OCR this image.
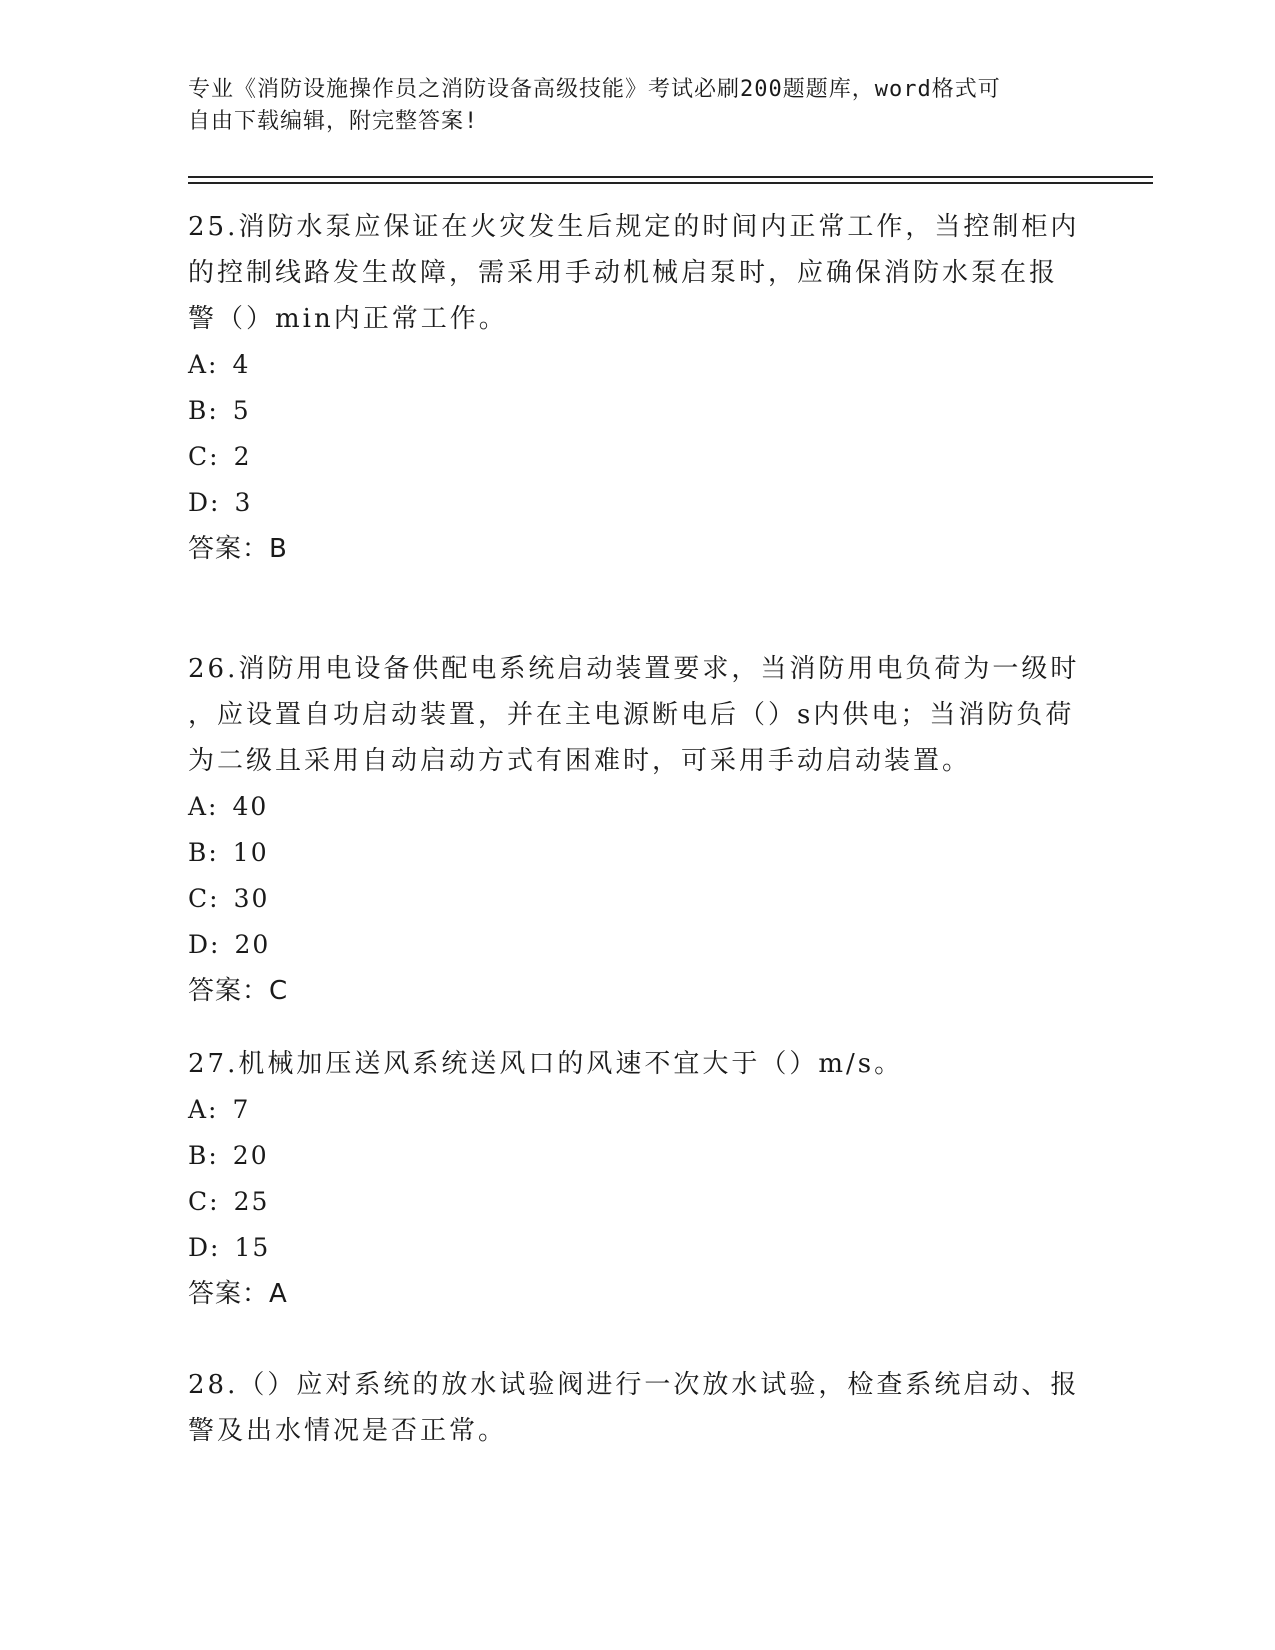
专业《消防设施操作员之消防设备高级技能》考试必刷200题题库，word格式可
自由下载编辑，附完整答案!
25.消防水泵应保证在火灾发生后规定的时间内正常工作，当控制柜内
的控制线路发生故障，需采用手动机械启泵时，应确保消防水泵在报
警（）min内正常工作。
A: 4
B: 5
C: 2
D: 3
答案：B
26.消防用电设备供配电系统启动装置要求，当消防用电负荷为一级时
，应设置自功启动装置，并在主电源断电后（）s内供电；当消防负荷
为二级且采用自动启动方式有困难时，可采用手动启动装置。
A: 40
B: 10
C: 30
D: 20
答案：C
27.机械加压送风系统送风口的风速不宜大于（）m/s。
A: 7
B: 20
C: 25
D: 15
答案：A
28.（）应对系统的放水试验阀进行一次放水试验，检查系统启动、报
警及出水情况是否正常。
